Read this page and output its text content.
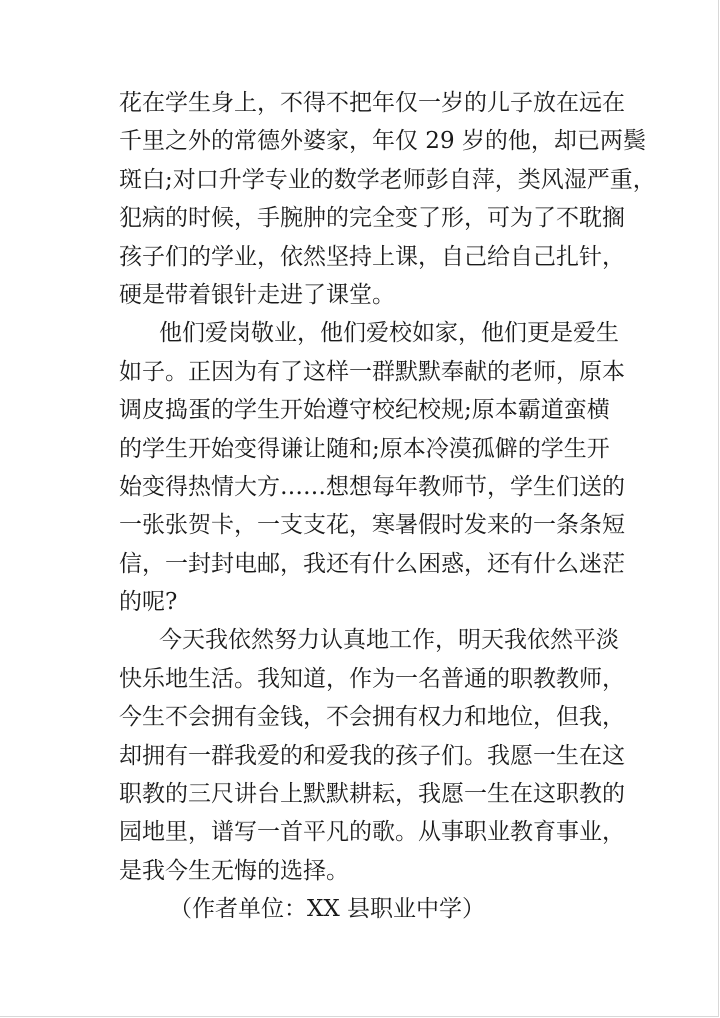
花在学生身上，不得不把年仅一岁的儿子放在远在
千里之外的常德外婆家，年仅 29 岁的他，却已两鬓
斑白;对口升学专业的数学老师彭自萍，类风湿严重，
犯病的时候，手腕肿的完全变了形，可为了不耽搁
孩子们的学业，依然坚持上课，自己给自己扎针，
硬是带着银针走进了课堂。
他们爱岗敬业，他们爱校如家，他们更是爱生
如子。正因为有了这样一群默默奉献的老师，原本
调皮捣蛋的学生开始遵守校纪校规;原本霸道蛮横
的学生开始变得谦让随和;原本冷漠孤僻的学生开
始变得热情大方……想想每年教师节，学生们送的
一张张贺卡，一支支花，寒暑假时发来的一条条短
信，一封封电邮，我还有什么困惑，还有什么迷茫
的呢?
今天我依然努力认真地工作，明天我依然平淡
快乐地生活。我知道，作为一名普通的职教教师，
今生不会拥有金钱，不会拥有权力和地位，但我，
却拥有一群我爱的和爱我的孩子们。我愿一生在这
职教的三尺讲台上默默耕耘，我愿一生在这职教的
园地里，谱写一首平凡的歌。从事职业教育事业，
是我今生无悔的选择。
（作者单位：XX 县职业中学）
